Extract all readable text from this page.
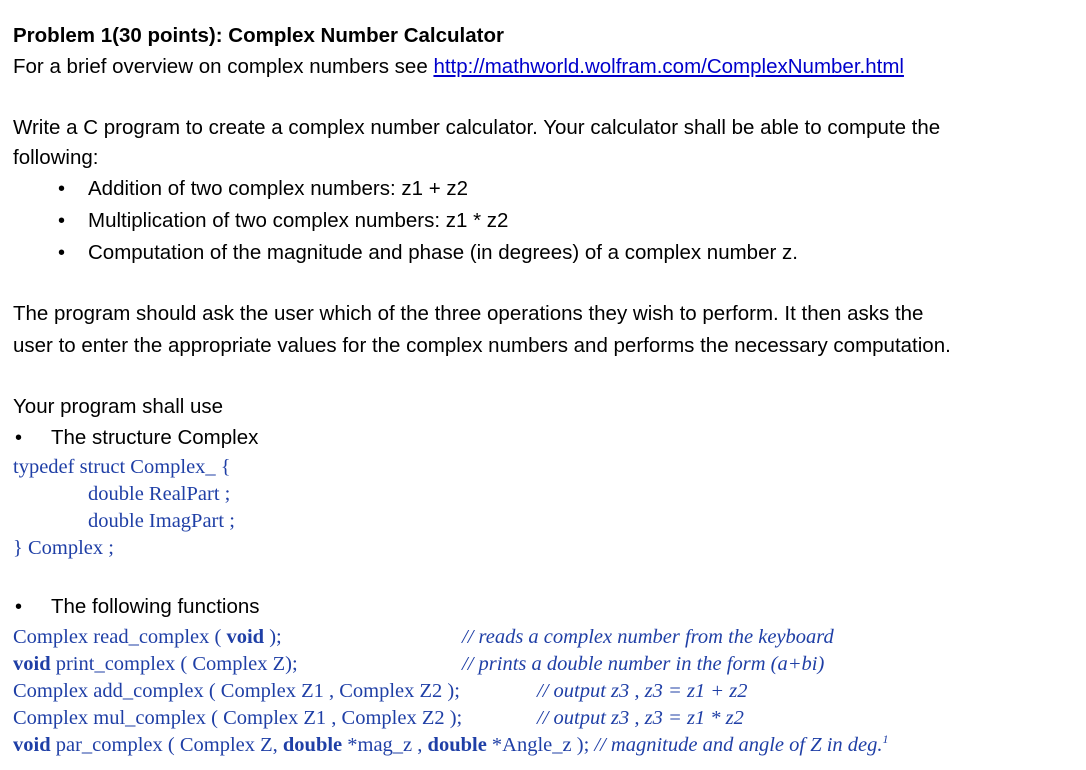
Problem 1(30 points): Complex Number Calculator
For a brief overview on complex numbers see http://mathworld.wolfram.com/ComplexNumber.html
Write a C program to create a complex number calculator. Your calculator shall be able to compute the
following:
• Addition of two complex numbers: z1 + z2
• Multiplication of two complex numbers: z1 * z2
• Computation of the magnitude and phase (in degrees) of a complex number z.
The program should ask the user which of the three operations they wish to perform. It then asks the
user to enter the appropriate values for the complex numbers and performs the necessary computation.
Your program shall use
• The structure Complex
typedef struct Complex_ {
double RealPart ;
double ImagPart ;
} Complex ;
• The following functions
Complex read_complex ( void );	// reads a complex number from the keyboard
void print_complex ( Complex Z);	// prints a double number in the form (a+bi)
Complex add_complex ( Complex Z1 , Complex Z2 );	// output z3 , z3 = z1 + z2
Complex mul_complex ( Complex Z1 , Complex Z2 );	// output z3 , z3 = z1 * z2
void par_complex ( Complex Z, double *mag_z , double *Angle_z ); // magnitude and angle of Z in deg.$^1$
